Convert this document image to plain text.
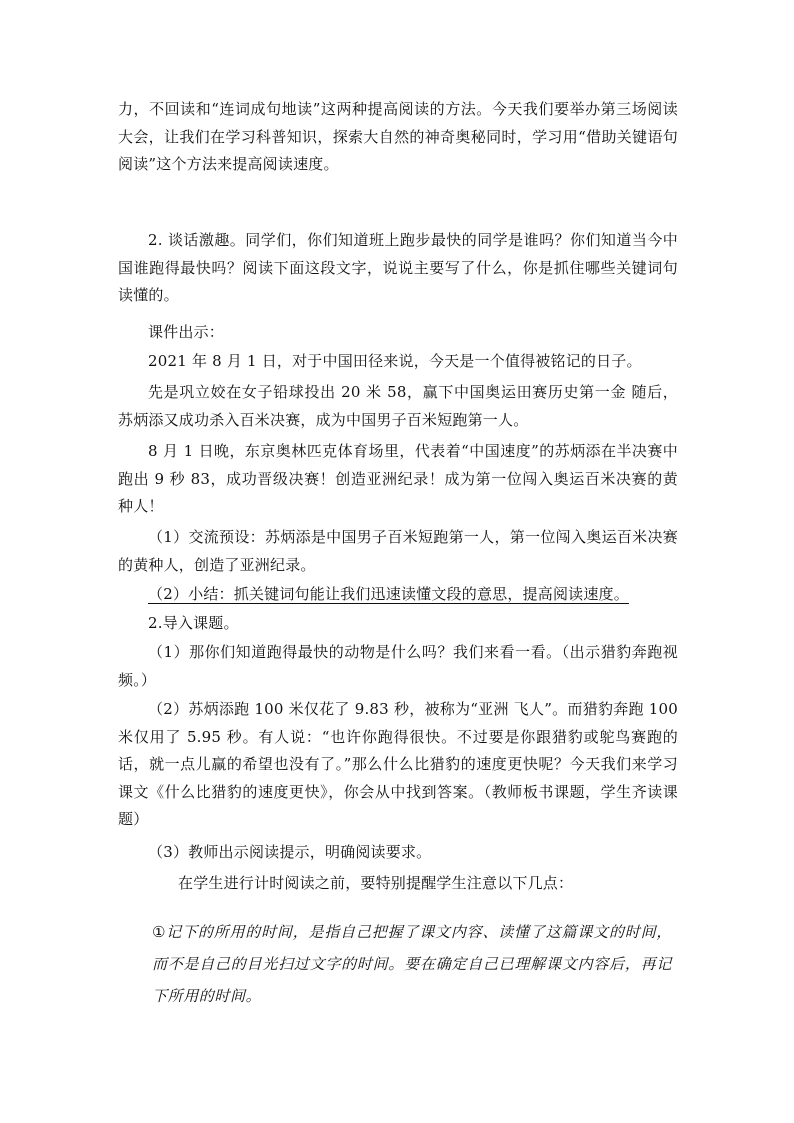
力，不回读和“连词成句地读”这两种提高阅读的方法。今天我们要举办第三场阅读大会，让我们在学习科普知识，探索大自然的神奇奥秘同时，学习用“借助关键语句阅读”这个方法来提高阅读速度。

2. 谈话激趣。同学们，你们知道班上跑步最快的同学是谁吗？你们知道当今中国谁跑得最快吗？阅读下面这段文字，说说主要写了什么，你是抓住哪些关键词句读懂的。

课件出示：

2021 年 8 月 1 日，对于中国田径来说，今天是一个值得被铭记的日子。

先是巩立姣在女子铅球投出 20 米 58，赢下中国奥运田赛历史第一金 随后，苏炳添又成功杀入百米决赛，成为中国男子百米短跑第一人。

8 月 1 日晚，东京奥林匹克体育场里，代表着“中国速度”的苏炳添在半决赛中跑出 9 秒 83，成功晋级决赛！创造亚洲纪录！成为第一位闯入奥运百米决赛的黄种人！

（1）交流预设：苏炳添是中国男子百米短跑第一人，第一位闯入奥运百米决赛的黄种人，创造了亚洲纪录。

（2）小结：抓关键词句能让我们迅速读懂文段的意思，提高阅读速度。

2.导入课题。

（1）那你们知道跑得最快的动物是什么吗？我们来看一看。（出示猎豹奔跑视频。）

（2）苏炳添跑 100 米仅花了 9.83 秒，被称为“亚洲 飞人”。而猎豹奔跑 100 米仅用了 5.95 秒。有人说：“也许你跑得很快。不过要是你跟猎豹或鸵鸟赛跑的话，就一点儿赢的希望也没有了。”那么什么比猎豹的速度更快呢？今天我们来学习课文《什么比猎豹的速度更快》，你会从中找到答案。（教师板书课题，学生齐读课题）

（3）教师出示阅读提示，明确阅读要求。

在学生进行计时阅读之前，要特别提醒学生注意以下几点：

①记下的所用的时间，是指自己把握了课文内容、读懂了这篇课文的时间，而不是自己的目光扫过文字的时间。要在确定自己已理解课文内容后，再记下所用的时间。
